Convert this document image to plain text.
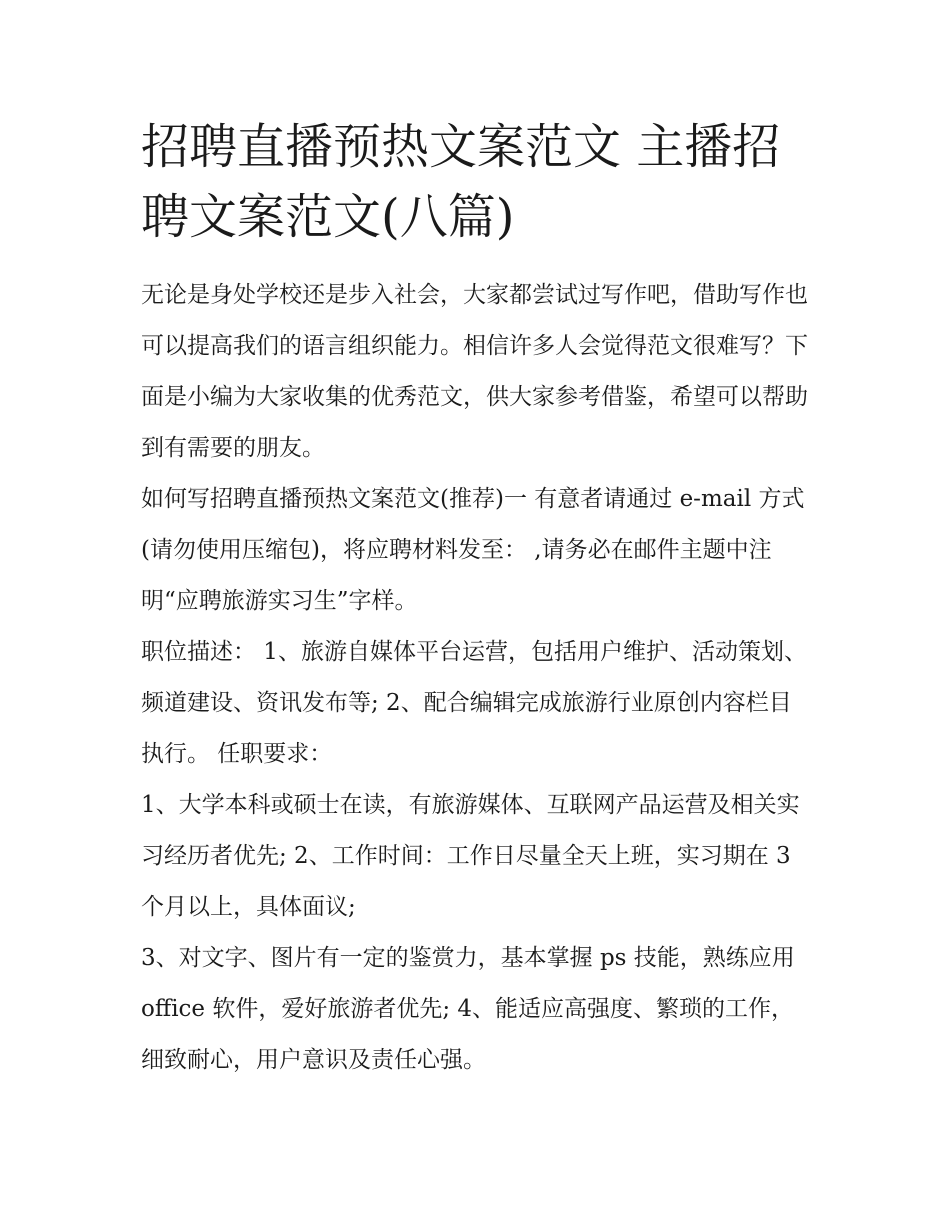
招聘直播预热文案范文 主播招聘文案范文(八篇)

无论是身处学校还是步入社会，大家都尝试过写作吧，借助写作也可以提高我们的语言组织能力。相信许多人会觉得范文很难写？下面是小编为大家收集的优秀范文，供大家参考借鉴，希望可以帮助到有需要的朋友。

如何写招聘直播预热文案范文(推荐)一 有意者请通过 e-mail 方式(请勿使用压缩包)，将应聘材料发至： ,请务必在邮件主题中注明“应聘旅游实习生”字样。

职位描述： 1、旅游自媒体平台运营，包括用户维护、活动策划、频道建设、资讯发布等; 2、配合编辑完成旅游行业原创内容栏目执行。 任职要求：

1、大学本科或硕士在读，有旅游媒体、互联网产品运营及相关实习经历者优先; 2、工作时间：工作日尽量全天上班，实习期在 3 个月以上，具体面议;

3、对文字、图片有一定的鉴赏力，基本掌握 ps 技能，熟练应用 office 软件，爱好旅游者优先; 4、能适应高强度、繁琐的工作，细致耐心，用户意识及责任心强。
